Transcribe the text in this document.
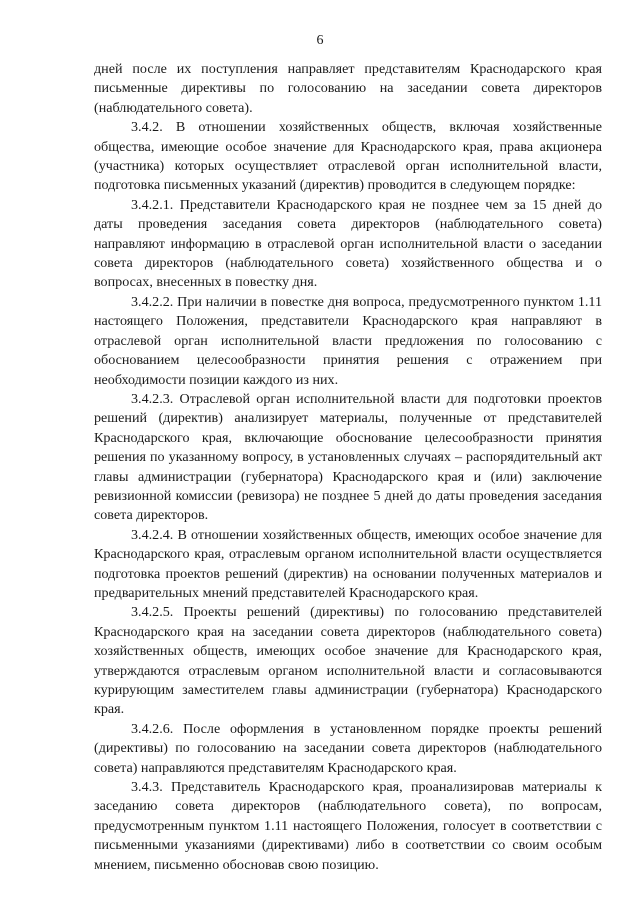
6

дней после их поступления направляет представителям Краснодарского края письменные директивы по голосованию на заседании совета директоров (наблюдательного совета).

3.4.2. В отношении хозяйственных обществ, включая хозяйственные общества, имеющие особое значение для Краснодарского края, права акционера (участника) которых осуществляет отраслевой орган исполнительной власти, подготовка письменных указаний (директив) проводится в следующем порядке:

3.4.2.1. Представители Краснодарского края не позднее чем за 15 дней до даты проведения заседания совета директоров (наблюдательного совета) направляют информацию в отраслевой орган исполнительной власти о заседании совета директоров (наблюдательного совета) хозяйственного общества и о вопросах, внесенных в повестку дня.

3.4.2.2. При наличии в повестке дня вопроса, предусмотренного пунктом 1.11 настоящего Положения, представители Краснодарского края направляют в отраслевой орган исполнительной власти предложения по голосованию с обоснованием целесообразности принятия решения с отражением при необходимости позиции каждого из них.

3.4.2.3. Отраслевой орган исполнительной власти для подготовки проектов решений (директив) анализирует материалы, полученные от представителей Краснодарского края, включающие обоснование целесообразности принятия решения по указанному вопросу, в установленных случаях – распорядительный акт главы администрации (губернатора) Краснодарского края и (или) заключение ревизионной комиссии (ревизора) не позднее 5 дней до даты проведения заседания совета директоров.

3.4.2.4. В отношении хозяйственных обществ, имеющих особое значение для Краснодарского края, отраслевым органом исполнительной власти осуществляется подготовка проектов решений (директив) на основании полученных материалов и предварительных мнений представителей Краснодарского края.

3.4.2.5. Проекты решений (директивы) по голосованию представителей Краснодарского края на заседании совета директоров (наблюдательного совета) хозяйственных обществ, имеющих особое значение для Краснодарского края, утверждаются отраслевым органом исполнительной власти и согласовываются курирующим заместителем главы администрации (губернатора) Краснодарского края.

3.4.2.6. После оформления в установленном порядке проекты решений (директивы) по голосованию на заседании совета директоров (наблюдательного совета) направляются представителям Краснодарского края.

3.4.3. Представитель Краснодарского края, проанализировав материалы к заседанию совета директоров (наблюдательного совета), по вопросам, предусмотренным пунктом 1.11 настоящего Положения, голосует в соответствии с письменными указаниями (директивами) либо в соответствии со своим особым мнением, письменно обосновав свою позицию.
